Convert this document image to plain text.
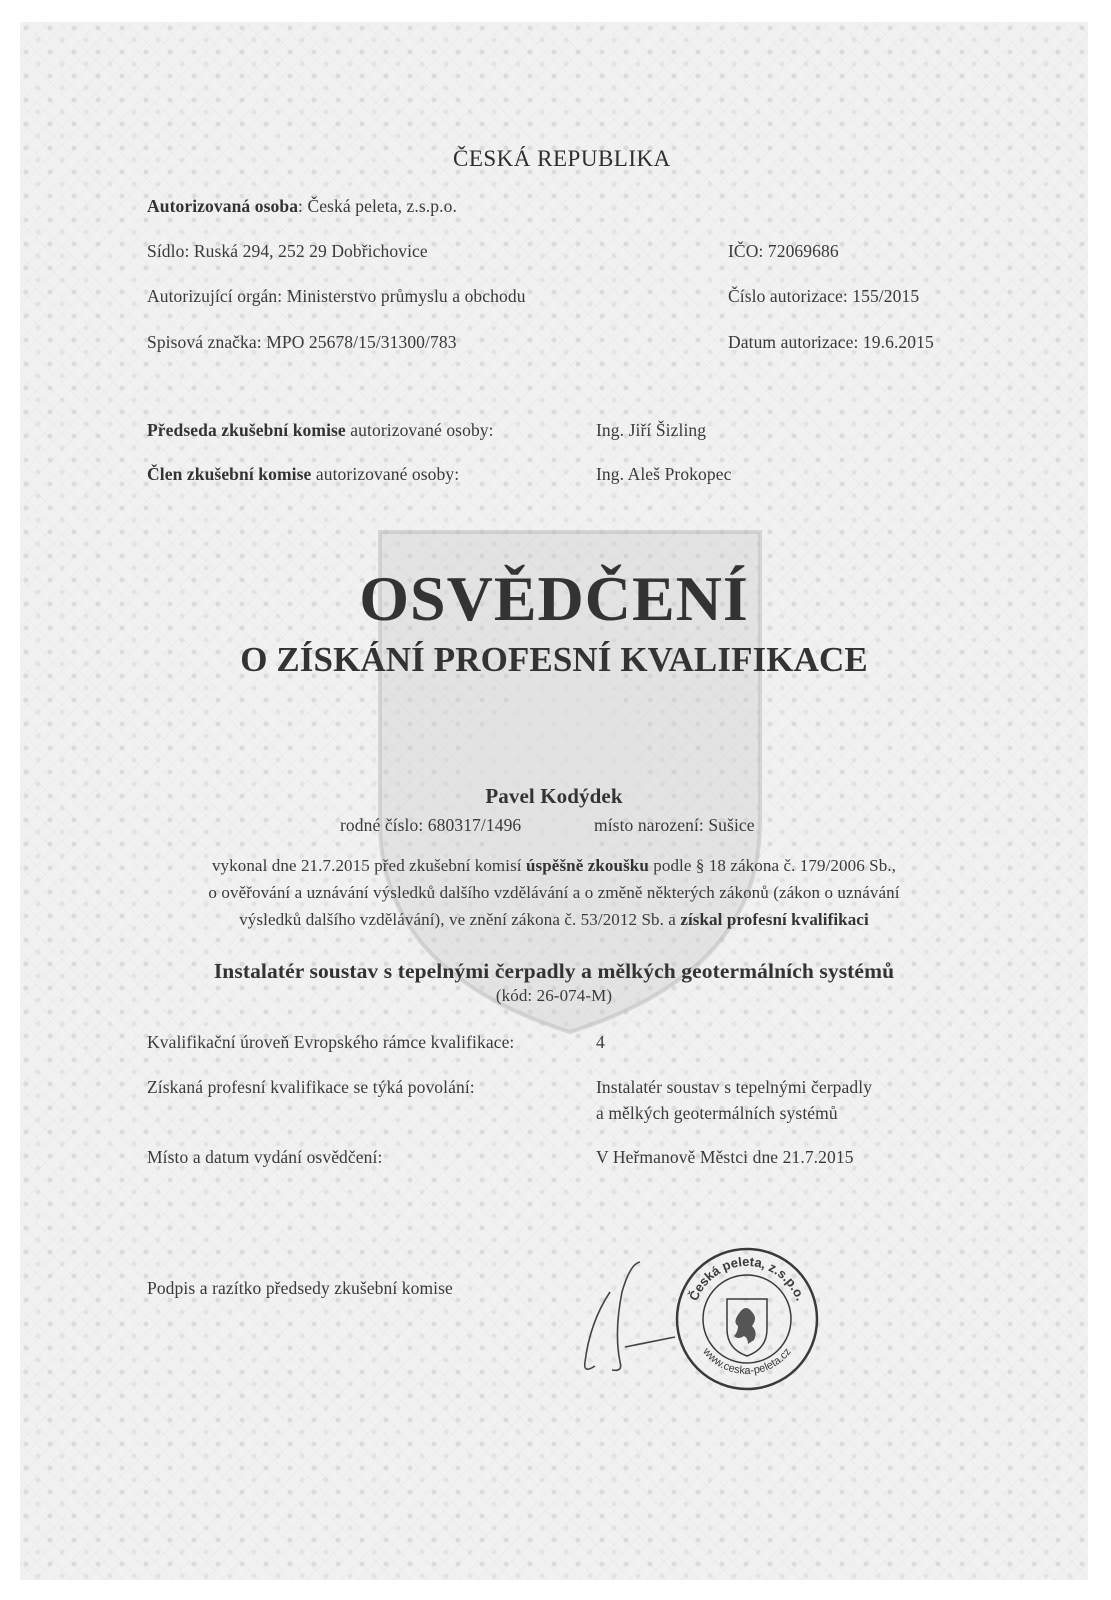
ČESKÁ REPUBLIKA
Autorizovaná osoba: Česká peleta, z.s.p.o.
Sídlo: Ruská 294, 252 29 Dobřichovice	IČO: 72069686
Autorizující orgán: Ministerstvo průmyslu a obchodu	Číslo autorizace: 155/2015
Spisová značka: MPO 25678/15/31300/783	Datum autorizace: 19.6.2015
Předseda zkušební komise autorizované osoby:	Ing. Jiří Šizling
Člen zkušební komise autorizované osoby:	Ing. Aleš Prokopec
OSVĚDČENÍ
O ZÍSKÁNÍ PROFESNÍ KVALIFIKACE
Pavel Kodýdek
rodné číslo: 680317/1496	místo narození: Sušice
vykonal dne 21.7.2015 před zkušební komisí úspěšně zkoušku podle § 18 zákona č. 179/2006 Sb.,
o ověřování a uznávání výsledků dalšího vzdělávání a o změně některých zákonů (zákon o uznávání
výsledků dalšího vzdělávání), ve znění zákona č. 53/2012 Sb. a získal profesní kvalifikaci
Instalatér soustav s tepelnými čerpadly a mělkých geotermálních systémů
(kód: 26-074-M)
Kvalifikační úroveň Evropského rámce kvalifikace:	4
Získaná profesní kvalifikace se týká povolání:	Instalatér soustav s tepelnými čerpadly
a mělkých geotermálních systémů
Místo a datum vydání osvědčení:	V Heřmanově Městci dne 21.7.2015
Podpis a razítko předsedy zkušební komise	Česká peleta, z.s.p.o.
www.ceska-peleta.cz
